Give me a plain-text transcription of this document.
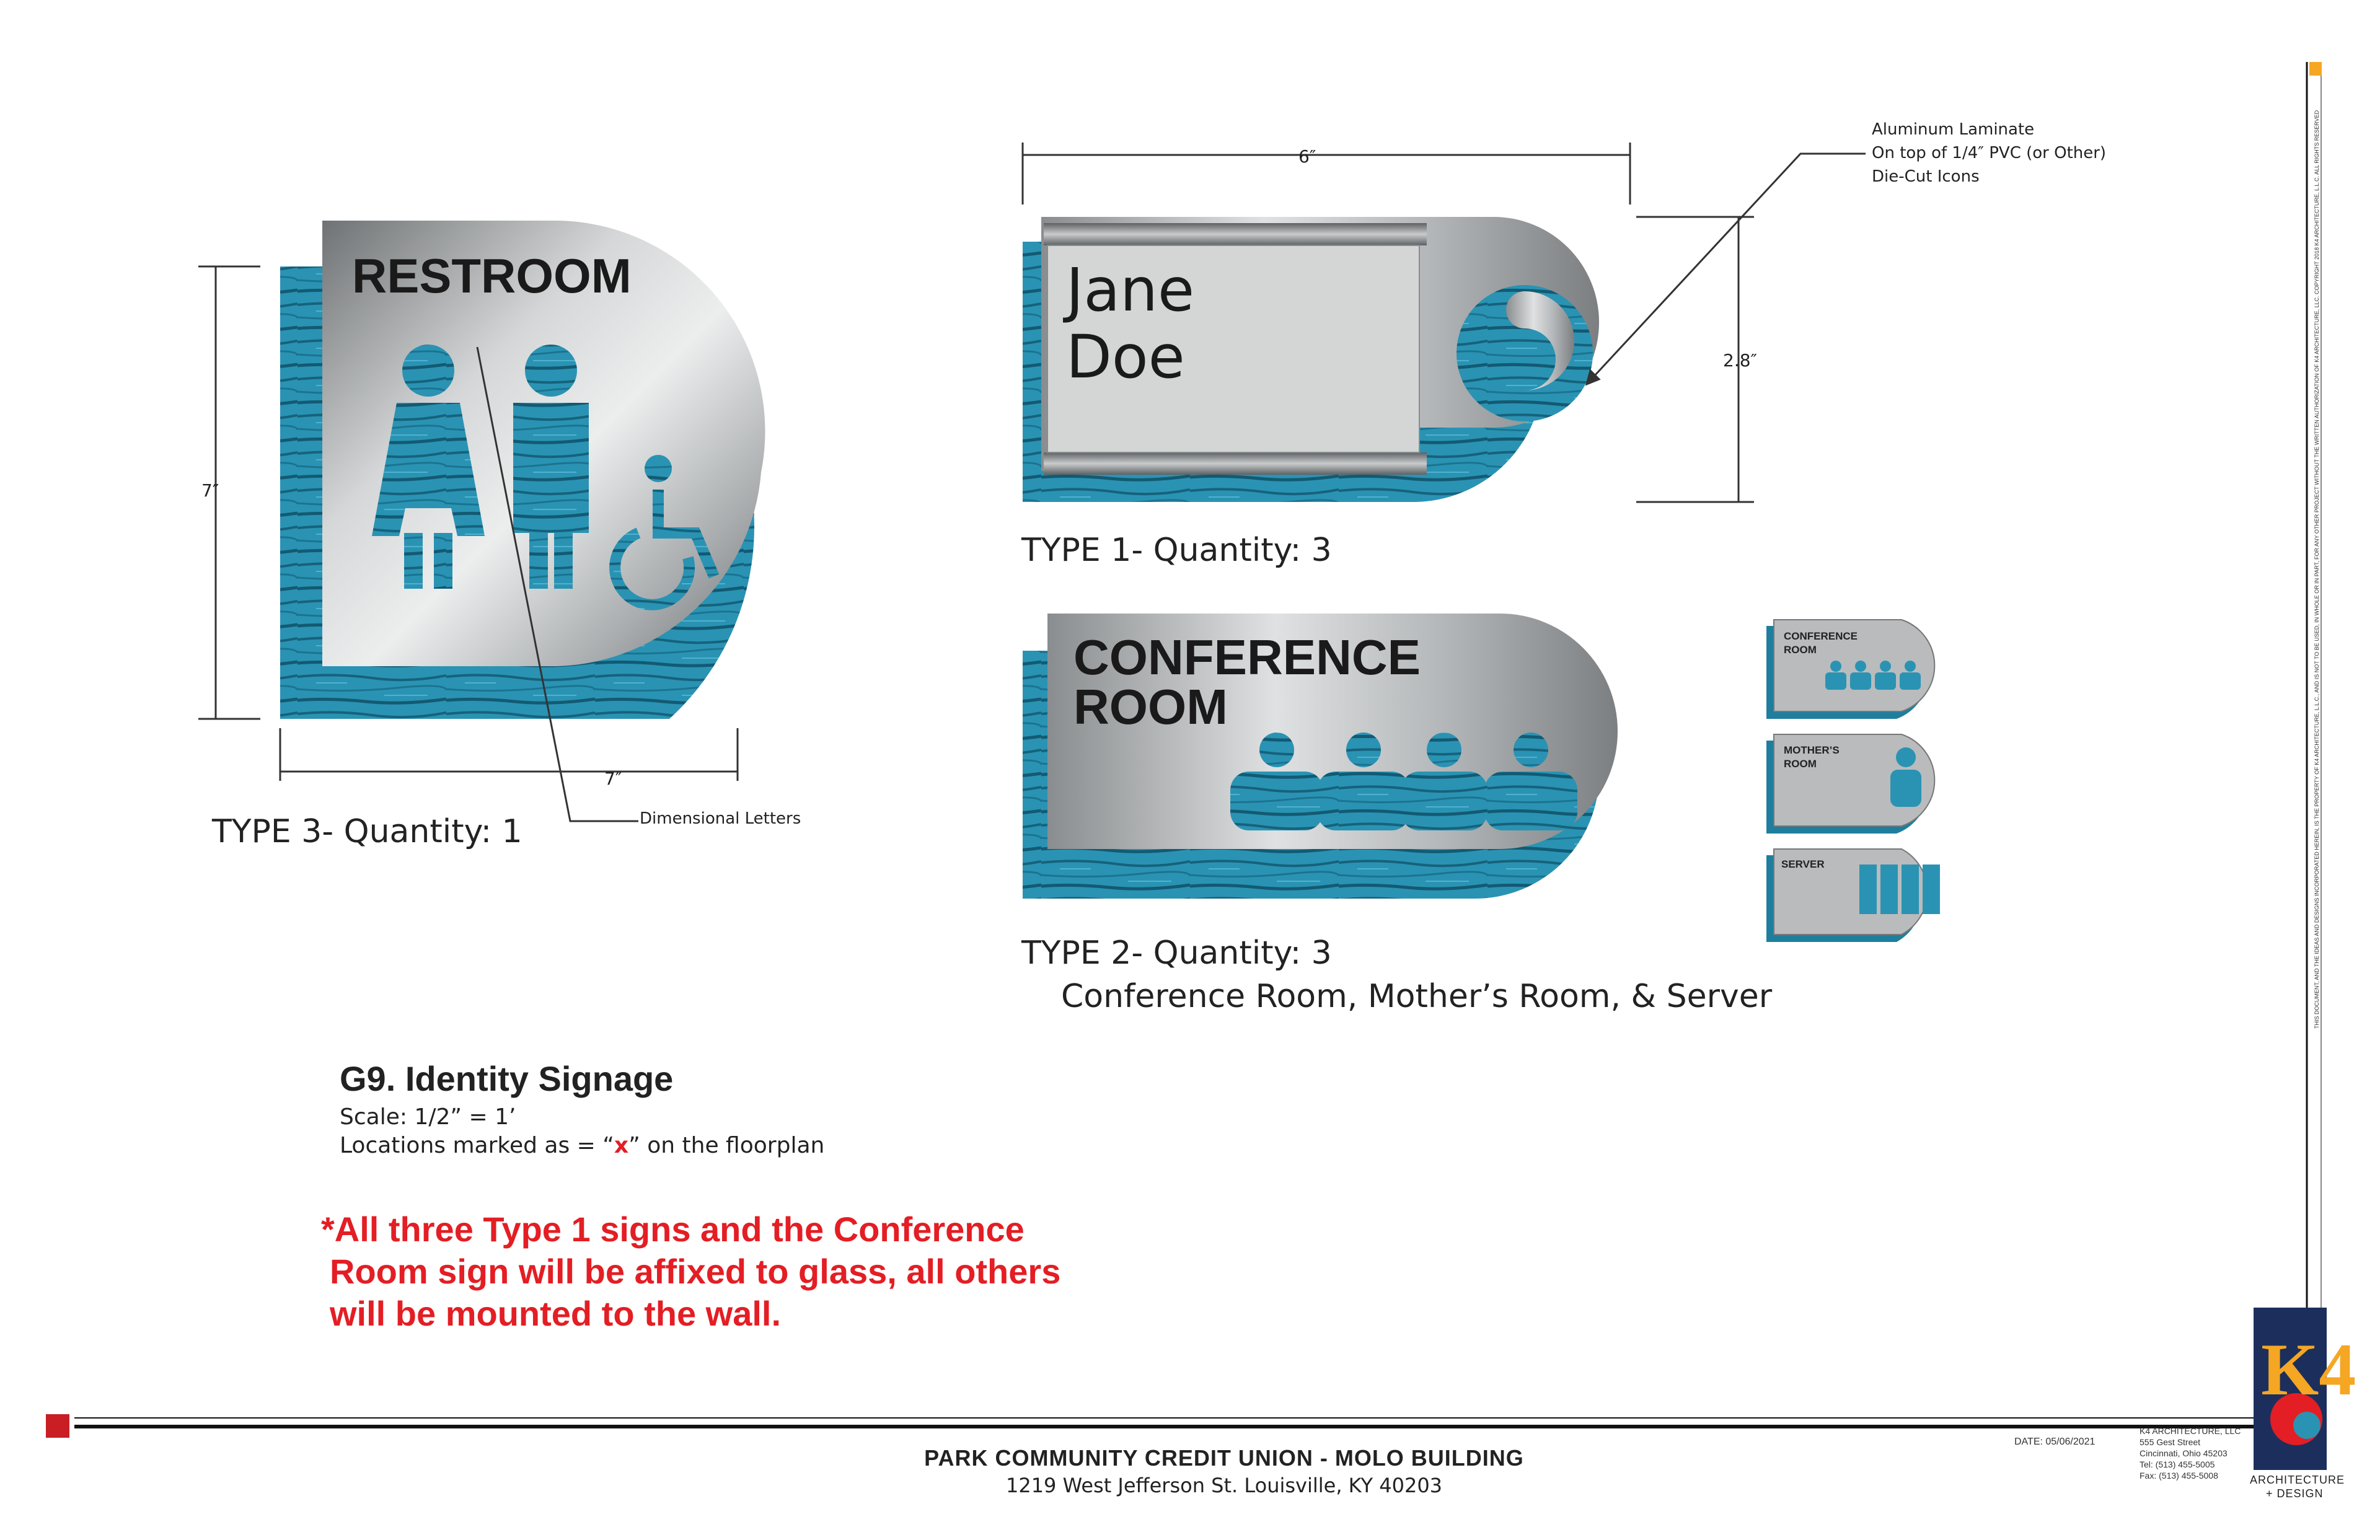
RESTROOM
7″
7″
Dimensional Letters
TYPE 3- Quantity: 1
Jane
Doe
6″
2.8″
Aluminum Laminate
On top of 1/4″ PVC (or Other)
Die-Cut Icons
TYPE 1- Quantity: 3
CONFERENCE
ROOM
TYPE 2- Quantity: 3
Conference Room, Mother’s Room, & Server
CONFERENCE
ROOM
MOTHER’S
ROOM
SERVER
G9. Identity Signage
Scale: 1/2” = 1’
Locations marked as = “x” on the floorplan
*All three Type 1 signs and the Conference
Room sign will be affixed to glass, all others
will be mounted to the wall.
PARK COMMUNITY CREDIT UNION - MOLO BUILDING
1219 West Jefferson St. Louisville, KY 40203
DATE: 05/06/2021
K4 ARCHITECTURE, LLC
555 Gest Street
Cincinnati, Ohio 45203
Tel: (513) 455-5005
Fax: (513) 455-5008
K4
ARCHITECTURE
+ DESIGN
THIS DOCUMENT, AND THE IDEAS AND DESIGNS INCORPORATED HEREIN, IS THE PROPERTY OF K4 ARCHITECTURE, L.L.C., AND IS NOT TO BE USED, IN WHOLE OR IN PART, FOR ANY OTHER PROJECT WITHOUT THE WRITTEN AUTHORIZATION OF K4 ARCHITECTURE, LLC. COPYRIGHT 2018 K4 ARCHITECTURE, L.L.C. ALL RIGHTS RESERVED
